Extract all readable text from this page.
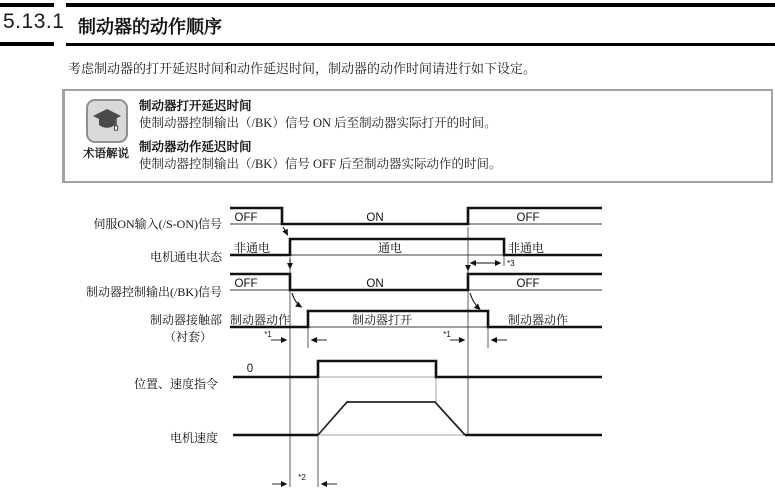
5.13.1 制动器的动作顺序
考虑制动器的打开延迟时间和动作延迟时间，制动器的动作时间请进行如下设定。
术语解说
制动器打开延迟时间
使制动器控制输出（/BK）信号 ON 后至制动器实际打开的时间。
制动器动作延迟时间
使制动器控制输出（/BK）信号 OFF 后至制动器实际动作的时间。
伺服ON输入(/S-ON)信号
电机通电状态
制动器控制输出(/BK)信号
制动器接触部
（衬套）
位置、速度指令
电机速度
OFF	ON	OFF
非通电	通电	非通电
OFF	ON	OFF
制动器动作	制动器打开	制动器动作
0
*1	*1
*2
*3
